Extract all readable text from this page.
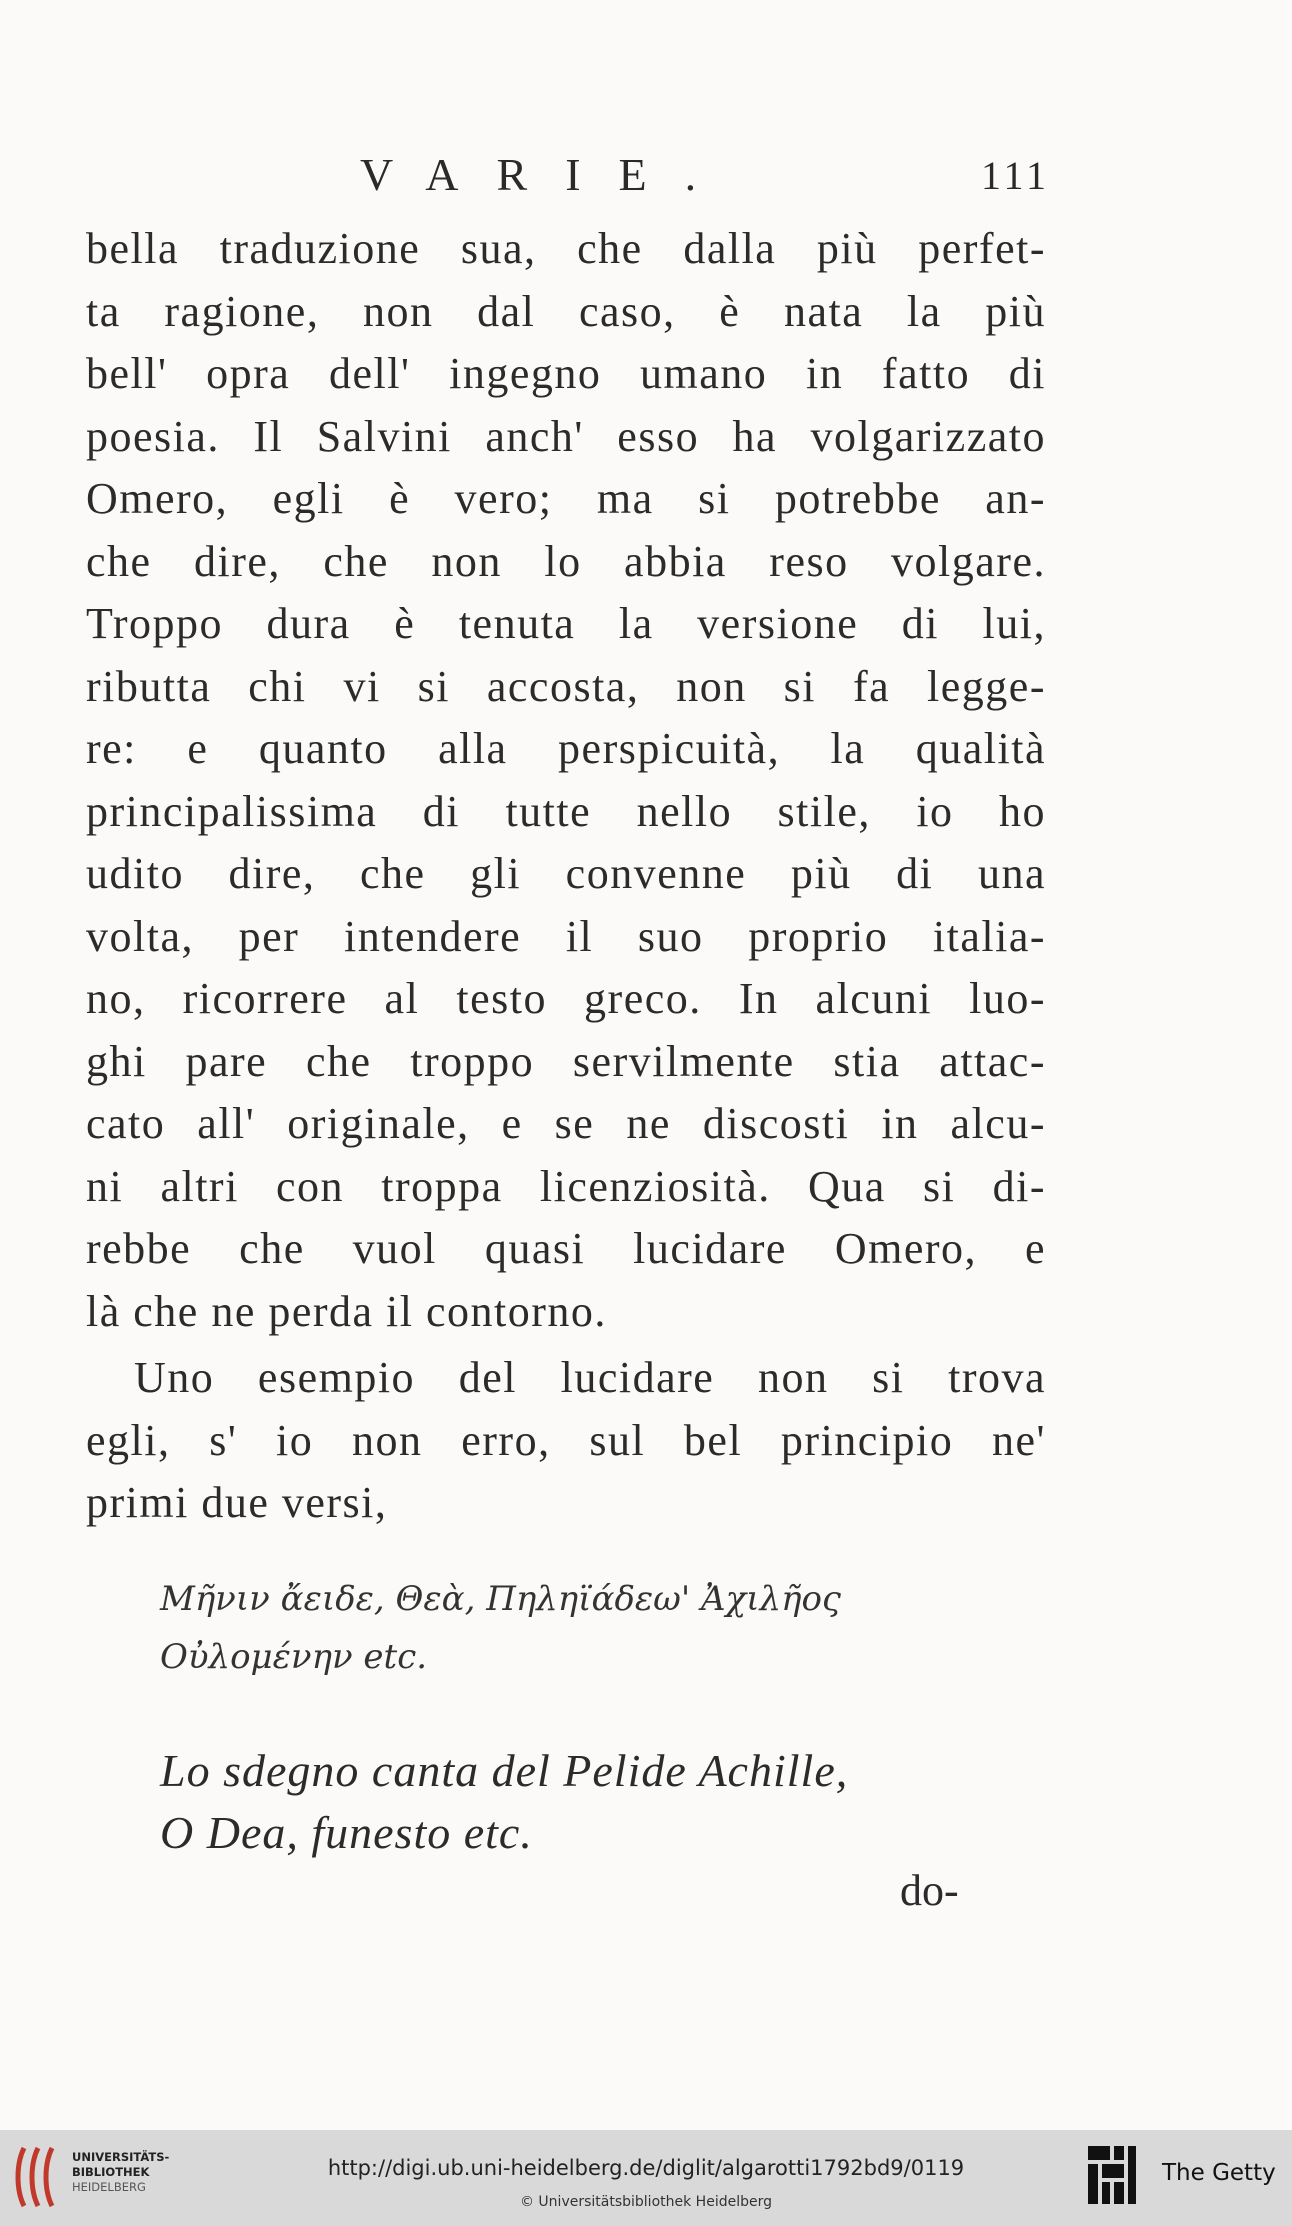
VARIE.	111
bella traduzione sua, che dalla più perfet-
ta ragione, non dal caso, è nata la più
bell' opra dell' ingegno umano in fatto di
poesia. Il Salvini anch' esso ha volgarizzato
Omero, egli è vero; ma si potrebbe an-
che dire, che non lo abbia reso volgare.
Troppo dura è tenuta la versione di lui,
ributta chi vi si accosta, non si fa legge-
re: e quanto alla perspicuità, la qualità
principalissima di tutte nello stile, io ho
udito dire, che gli convenne più di una
volta, per intendere il suo proprio italia-
no, ricorrere al testo greco. In alcuni luo-
ghi pare che troppo servilmente stia attac-
cato all' originale, e se ne discosti in alcu-
ni altri con troppa licenziosità. Qua si di-
rebbe che vuol quasi lucidare Omero, e
là che ne perda il contorno.
Uno esempio del lucidare non si trova
egli, s' io non erro, sul bel principio ne'
primi due versi,
Μῆνιν ἄειδε, Θεὰ, Πηληϊάδεω' Ἀχιλῆος
Οὐλομένην etc.
Lo sdegno canta del Pelide Achille,
O Dea, funesto etc.
do-
UNIVERSITÄTS-
BIBLIOTHEK
HEIDELBERG
http://digi.ub.uni-heidelberg.de/diglit/algarotti1792bd9/0119
© Universitätsbibliothek Heidelberg
The Getty
